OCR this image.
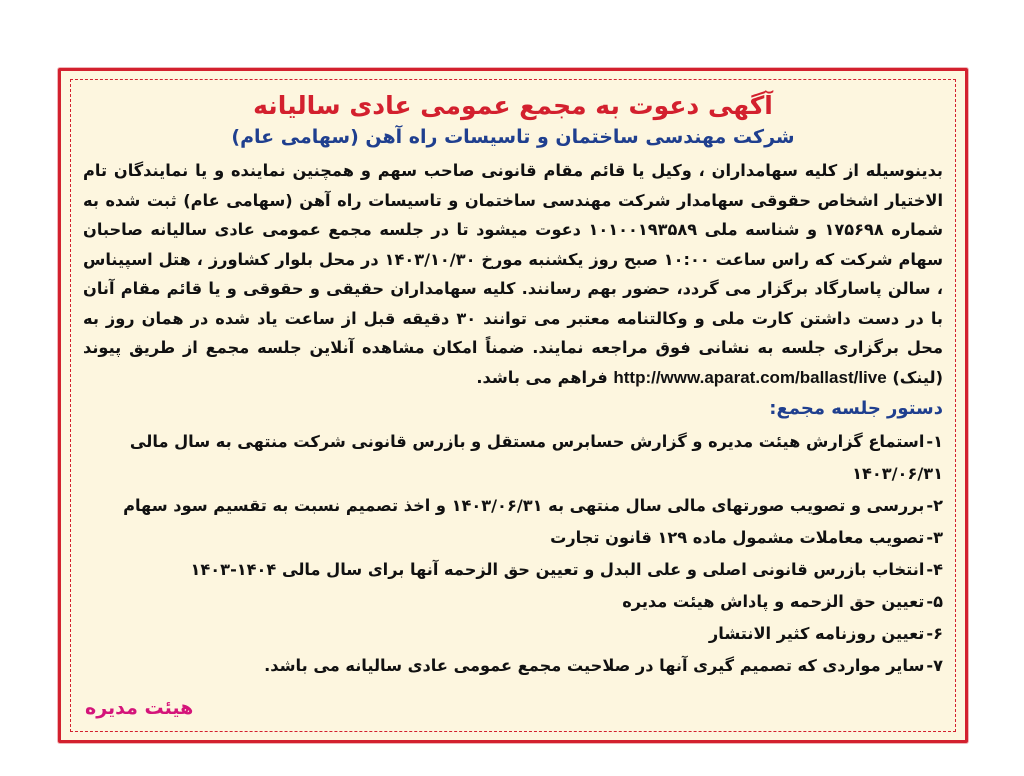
آگهی دعوت به مجمع عمومی عادی سالیانه
شرکت مهندسی ساختمان و تاسیسات راه آهن (سهامی عام)

بدینوسیله از کلیه سهامداران ، وکیل یا قائم مقام قانونی صاحب سهم و همچنین نماینده و یا نمایندگان تام الاختیار اشخاص حقوقی سهامدار شرکت مهندسی ساختمان و تاسیسات راه آهن (سهامی عام) ثبت شده به شماره ۱۷۵۶۹۸ و شناسه ملی ۱۰۱۰۰۱۹۳۵۸۹ دعوت میشود تا در جلسه مجمع عمومی عادی سالیانه صاحبان سهام شرکت که راس ساعت ۱۰:۰۰ صبح روز یکشنبه مورخ ۱۴۰۳/۱۰/۳۰ در محل بلوار کشاورز ، هتل اسپیناس ، سالن پاسارگاد برگزار می گردد، حضور بهم رسانند. کلیه سهامداران حقیقی و حقوقی و یا قائم مقام آنان با در دست داشتن کارت ملی و وکالتنامه معتبر می توانند ۳۰ دقیقه قبل از ساعت یاد شده در همان روز به محل برگزاری جلسه به نشانی فوق مراجعه نمایند. ضمناً امکان مشاهده آنلاین جلسه مجمع از طریق پیوند (لینک) http://www.aparat.com/ballast/live فراهم می باشد.

دستور جلسه مجمع:
۱-استماع گزارش هیئت مدیره و گزارش حسابرس مستقل و بازرس قانونی شرکت منتهی به سال مالی ۱۴۰۳/۰۶/۳۱
۲-بررسی و تصویب صورتهای مالی سال منتهی به ۱۴۰۳/۰۶/۳۱ و اخذ تصمیم نسبت به تقسیم سود سهام
۳-تصویب معاملات مشمول ماده ۱۲۹ قانون تجارت
۴-انتخاب بازرس قانونی اصلی و علی البدل و تعیین حق الزحمه آنها برای سال مالی ۱۴۰۴-۱۴۰۳
۵-تعیین حق الزحمه و پاداش هیئت مدیره
۶-تعیین روزنامه کثیر الانتشار
۷-سایر مواردی که تصمیم گیری آنها در صلاحیت مجمع عمومی عادی سالیانه می باشد.
هیئت مدیره
